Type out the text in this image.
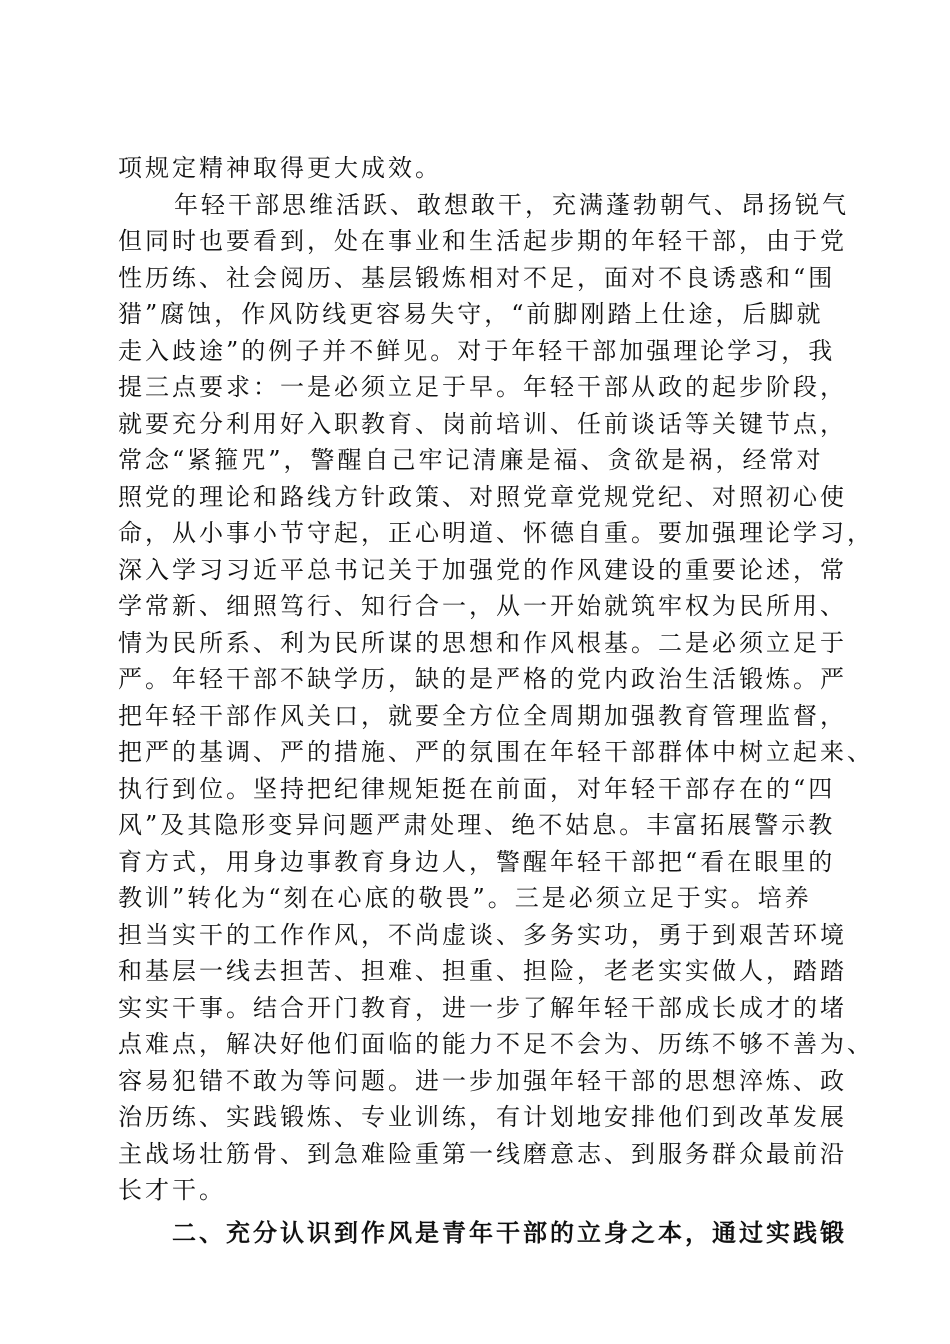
项规定精神取得更大成效。
年轻干部思维活跃、敢想敢干，充满蓬勃朝气、昂扬锐气
但同时也要看到，处在事业和生活起步期的年轻干部，由于党
性历练、社会阅历、基层锻炼相对不足，面对不良诱惑和“围
猎”腐蚀，作风防线更容易失守，“前脚刚踏上仕途，后脚就
走入歧途”的例子并不鲜见。对于年轻干部加强理论学习，我
提三点要求：一是必须立足于早。年轻干部从政的起步阶段，
就要充分利用好入职教育、岗前培训、任前谈话等关键节点，
常念“紧箍咒”，警醒自己牢记清廉是福、贪欲是祸，经常对
照党的理论和路线方针政策、对照党章党规党纪、对照初心使
命，从小事小节守起，正心明道、怀德自重。要加强理论学习，
深入学习习近平总书记关于加强党的作风建设的重要论述，常
学常新、细照笃行、知行合一，从一开始就筑牢权为民所用、
情为民所系、利为民所谋的思想和作风根基。二是必须立足于
严。年轻干部不缺学历，缺的是严格的党内政治生活锻炼。严
把年轻干部作风关口，就要全方位全周期加强教育管理监督，
把严的基调、严的措施、严的氛围在年轻干部群体中树立起来、
执行到位。坚持把纪律规矩挺在前面，对年轻干部存在的“四
风”及其隐形变异问题严肃处理、绝不姑息。丰富拓展警示教
育方式，用身边事教育身边人，警醒年轻干部把“看在眼里的
教训”转化为“刻在心底的敬畏”。三是必须立足于实。培养
担当实干的工作作风，不尚虚谈、多务实功，勇于到艰苦环境
和基层一线去担苦、担难、担重、担险，老老实实做人，踏踏
实实干事。结合开门教育，进一步了解年轻干部成长成才的堵
点难点，解决好他们面临的能力不足不会为、历练不够不善为、
容易犯错不敢为等问题。进一步加强年轻干部的思想淬炼、政
治历练、实践锻炼、专业训练，有计划地安排他们到改革发展
主战场壮筋骨、到急难险重第一线磨意志、到服务群众最前沿
长才干。
二、充分认识到作风是青年干部的立身之本，通过实践锻
